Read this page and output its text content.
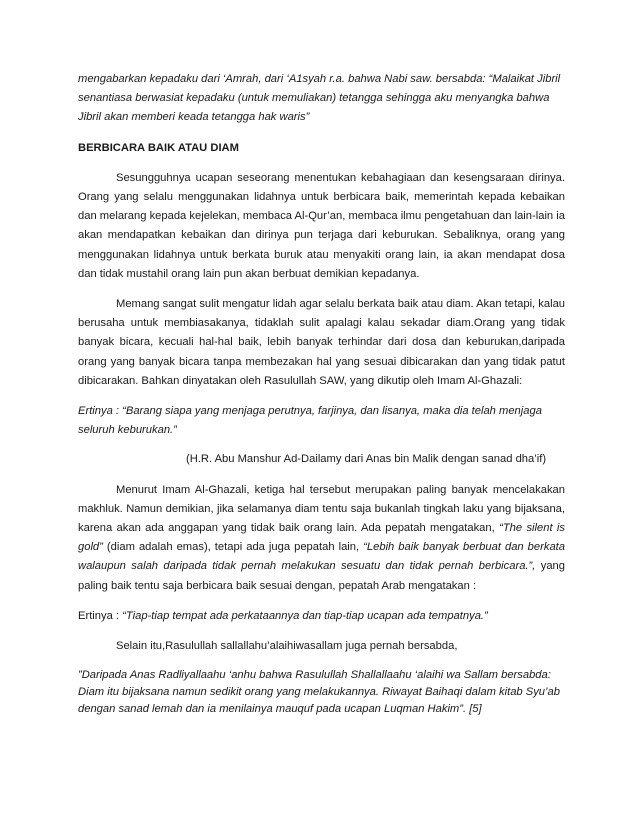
mengabarkan kepadaku dari ‘Amrah, dari ‘A1syah r.a. bahwa Nabi saw. bersabda: “Malaikat Jibril senantiasa berwasiat kepadaku (untuk memuliakan) tetangga sehingga aku menyangka bahwa Jibril akan memberi keada tetangga hak waris”

BERBICARA BAIK ATAU DIAM

Sesungguhnya ucapan seseorang menentukan kebahagiaan dan kesengsaraan dirinya. Orang yang selalu menggunakan lidahnya untuk berbicara baik, memerintah kepada kebaikan dan melarang kepada kejelekan, membaca Al-Qur’an, membaca ilmu pengetahuan dan lain-lain ia akan mendapatkan kebaikan dan dirinya pun terjaga dari keburukan. Sebaliknya, orang yang menggunakan lidahnya untuk berkata buruk atau menyakiti orang lain, ia akan mendapat dosa dan tidak mustahil orang lain pun akan berbuat demikian kepadanya.

Memang sangat sulit mengatur lidah agar selalu berkata baik atau diam. Akan tetapi, kalau berusaha untuk membiasakanya, tidaklah sulit apalagi kalau sekadar diam.Orang yang tidak banyak bicara, kecuali hal-hal baik, lebih banyak terhindar dari dosa dan keburukan,daripada orang yang banyak bicara tanpa membezakan hal yang sesuai dibicarakan dan yang tidak patut dibicarakan. Bahkan dinyatakan oleh Rasulullah SAW, yang dikutip oleh Imam Al-Ghazali:

Ertinya : “Barang siapa yang menjaga perutnya, farjinya, dan lisanya, maka dia telah menjaga seluruh keburukan.”

(H.R. Abu Manshur Ad-Dailamy dari Anas bin Malik dengan sanad dha’if)

Menurut Imam Al-Ghazali, ketiga hal tersebut merupakan paling banyak mencelakakan makhluk. Namun demikian, jika selamanya diam tentu saja bukanlah tingkah laku yang bijaksana, karena akan ada anggapan yang tidak baik orang lain. Ada pepatah mengatakan, “The silent is gold” (diam adalah emas), tetapi ada juga pepatah lain, “Lebih baik banyak berbuat dan berkata walaupun salah daripada tidak pernah melakukan sesuatu dan tidak pernah berbicara.”, yang paling baik tentu saja berbicara baik sesuai dengan, pepatah Arab mengatakan :

Ertinya : “Tiap-tiap tempat ada perkataannya dan tiap-tiap ucapan ada tempatnya.”

Selain itu,Rasulullah sallallahu’alaihiwasallam juga pernah bersabda,

”Daripada Anas Radliyallaahu ‘anhu bahwa Rasulullah Shallallaahu ‘alaihi wa Sallam bersabda: Diam itu bijaksana namun sedikit orang yang melakukannya. Riwayat Baihaqi dalam kitab Syu’ab dengan sanad lemah dan ia menilainya mauquf pada ucapan Luqman Hakim”. [5]
